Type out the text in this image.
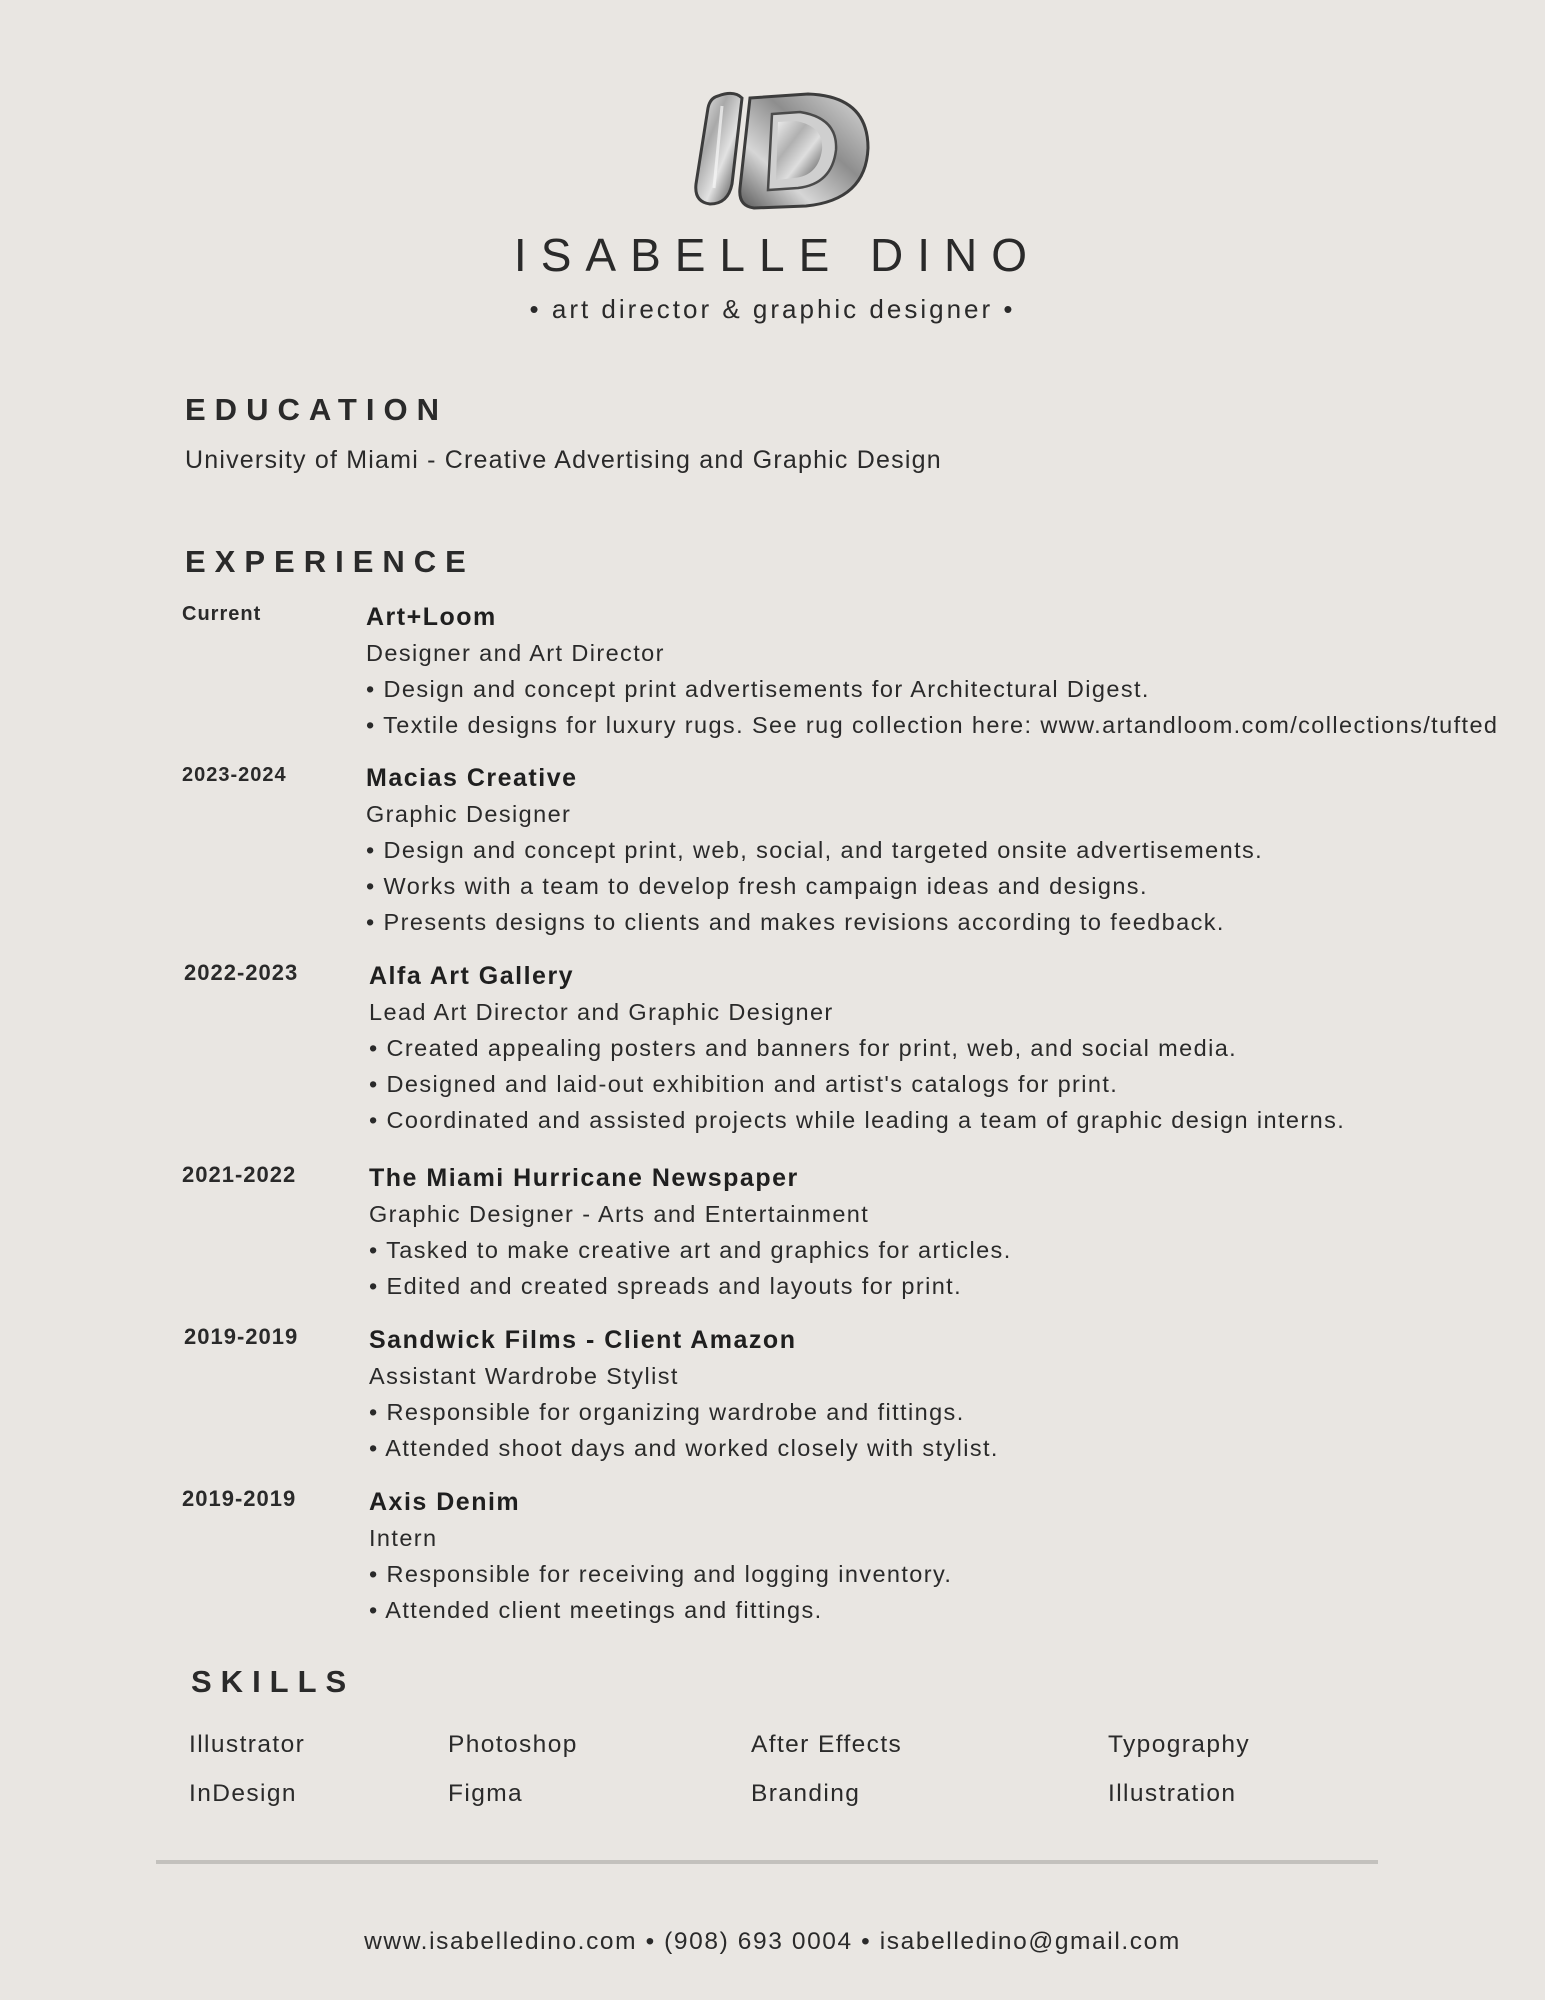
ISABELLE DINO
• art director & graphic designer •
EDUCATION
University of Miami - Creative Advertising and Graphic Design
EXPERIENCE
Current	Art+Loom
Designer and Art Director
• Design and concept print advertisements for Architectural Digest.
• Textile designs for luxury rugs. See rug collection here: www.artandloom.com/collections/tufted
2023-2024	Macias Creative
Graphic Designer
• Design and concept print, web, social, and targeted onsite advertisements.
• Works with a team to develop fresh campaign ideas and designs.
• Presents designs to clients and makes revisions according to feedback.
2022-2023	Alfa Art Gallery
Lead Art Director and Graphic Designer
• Created appealing posters and banners for print, web, and social media.
• Designed and laid-out exhibition and artist's catalogs for print.
• Coordinated and assisted projects while leading a team of graphic design interns.
2021-2022	The Miami Hurricane Newspaper
Graphic Designer - Arts and Entertainment
• Tasked to make creative art and graphics for articles.
• Edited and created spreads and layouts for print.
2019-2019	Sandwick Films - Client Amazon
Assistant Wardrobe Stylist
• Responsible for organizing wardrobe and fittings.
• Attended shoot days and worked closely with stylist.
2019-2019	Axis Denim
Intern
• Responsible for receiving and logging inventory.
• Attended client meetings and fittings.
SKILLS
Illustrator	Photoshop	After Effects	Typography
InDesign	Figma	Branding	Illustration
www.isabelledino.com • (908) 693 0004 • isabelledino@gmail.com
